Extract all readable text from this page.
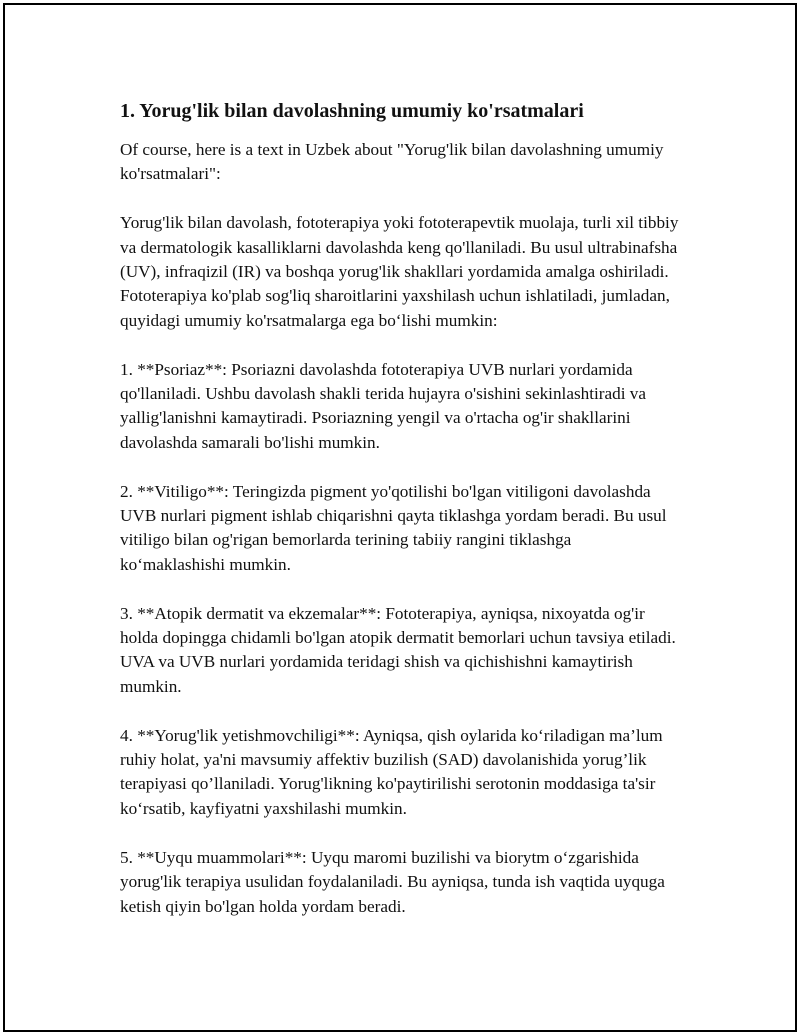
1. Yorug'lik bilan davolashning umumiy ko'rsatmalari

Of course, here is a text in Uzbek about "Yorug'lik bilan davolashning umumiy ko'rsatmalari":

Yorug'lik bilan davolash, fototerapiya yoki fototerapevtik muolaja, turli xil tibbiy va dermatologik kasalliklarni davolashda keng qo'llaniladi. Bu usul ultrabinafsha (UV), infraqizil (IR) va boshqa yorug'lik shakllari yordamida amalga oshiriladi. Fototerapiya ko'plab sog'liq sharoitlarini yaxshilash uchun ishlatiladi, jumladan, quyidagi umumiy ko'rsatmalarga ega bo‘lishi mumkin:

1. **Psoriaz**: Psoriazni davolashda fototerapiya UVB nurlari yordamida qo'llaniladi. Ushbu davolash shakli terida hujayra o'sishini sekinlashtiradi va yallig'lanishni kamaytiradi. Psoriazning yengil va o'rtacha og'ir shakllarini davolashda samarali bo'lishi mumkin.

2. **Vitiligo**: Teringizda pigment yo'qotilishi bo'lgan vitiligoni davolashda UVB nurlari pigment ishlab chiqarishni qayta tiklashga yordam beradi. Bu usul vitiligo bilan og'rigan bemorlarda terining tabiiy rangini tiklashga ko‘maklashishi mumkin.

3. **Atopik dermatit va ekzemalar**: Fototerapiya, ayniqsa, nixoyatda og'ir holda dopingga chidamli bo'lgan atopik dermatit bemorlari uchun tavsiya etiladi. UVA va UVB nurlari yordamida teridagi shish va qichishishni kamaytirish mumkin.

4. **Yorug'lik yetishmovchiligi**: Ayniqsa, qish oylarida ko‘riladigan ma’lum ruhiy holat, ya'ni mavsumiy affektiv buzilish (SAD) davolanishida yorug’lik terapiyasi qo’llaniladi. Yorug'likning ko'paytirilishi serotonin moddasiga ta'sir ko‘rsatib, kayfiyatni yaxshilashi mumkin.

5. **Uyqu muammolari**: Uyqu maromi buzilishi va biorytm o‘zgarishida yorug'lik terapiya usulidan foydalaniladi. Bu ayniqsa, tunda ish vaqtida uyquga ketish qiyin bo'lgan holda yordam beradi.
